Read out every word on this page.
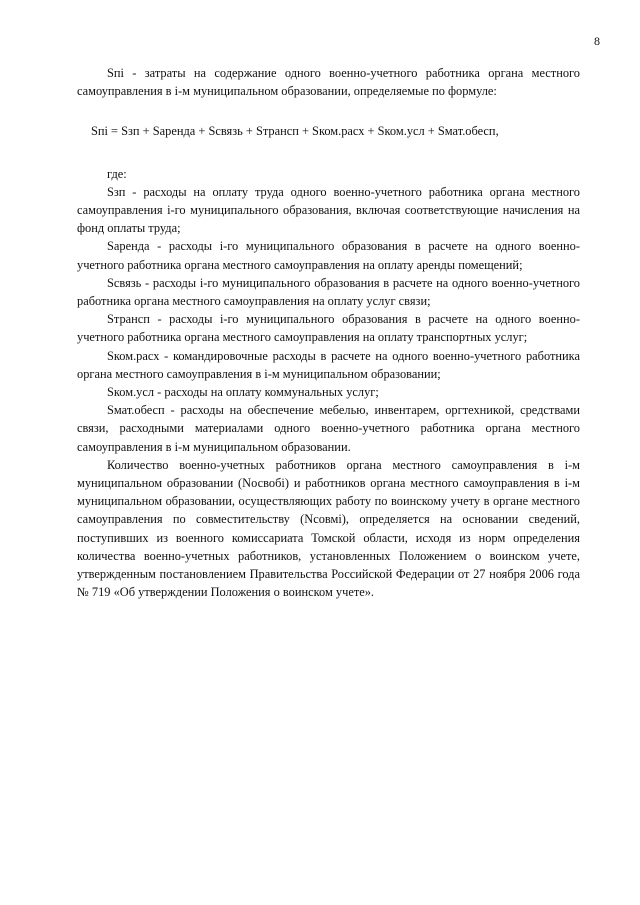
8

Sпi - затраты на содержание одного военно-учетного работника органа местного самоуправления в i-м муниципальном образовании, определяемые по формуле:

Sпi = Sзп + Sаренда + Sсвязь + Sтрансп + Sком.расх + Sком.усл + Sмат.обесп,

где:

Sзп - расходы на оплату труда одного военно-учетного работника органа местного самоуправления i-го муниципального образования, включая соответствующие начисления на фонд оплаты труда;

Sаренда - расходы i-го муниципального образования в расчете на одного военно-учетного работника органа местного самоуправления на оплату аренды помещений;

Sсвязь - расходы i-го муниципального образования в расчете на одного военно-учетного работника органа местного самоуправления на оплату услуг связи;

Sтрансп - расходы i-го муниципального образования в расчете на одного военно-учетного работника органа местного самоуправления на оплату транспортных услуг;

Sком.расх - командировочные расходы в расчете на одного военно-учетного работника органа местного самоуправления в i-м муниципальном образовании;

Sком.усл - расходы на оплату коммунальных услуг;

Sмат.обесп - расходы на обеспечение мебелью, инвентарем, оргтехникой, средствами связи, расходными материалами одного военно-учетного работника органа местного самоуправления в i-м муниципальном образовании.

Количество военно-учетных работников органа местного самоуправления в i-м муниципальном образовании (Nосвобi) и работников органа местного самоуправления в i-м муниципальном образовании, осуществляющих работу по воинскому учету в органе местного самоуправления по совместительству (Nсовмi), определяется на основании сведений, поступивших из военного комиссариата Томской области, исходя из норм определения количества военно-учетных работников, установленных Положением о воинском учете, утвержденным постановлением Правительства Российской Федерации от 27 ноября 2006 года № 719 «Об утверждении Положения о воинском учете».
